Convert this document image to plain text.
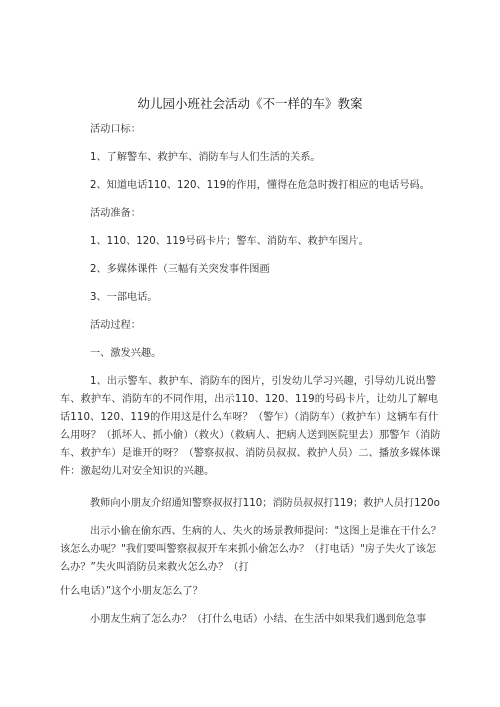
幼儿园小班社会活动《不一样的车》教案

活动口标：

1、了解警车、救护车、消防车与人们生活的关系。

2、知道电话110、120、119的作用，懂得在危急时拨打相应的电话号码。

活动准备：

1、110、120、119号码卡片；警车、消防车、救护车图片。

2、多媒体课件（三幅有关突发事件图画

3、一部电话。

活动过程：

一、激发兴趣。

1、出示警车、救护车、消防车的图片，引发幼儿学习兴趣，引导幼儿说出警车、救护车、消防车的不同作用，出示110、120、119的号码卡片，让幼儿了解电话110、120、119的作用这是什么车呀？（警乍）（消防车）（救护车）这辆车有什么用呀？（抓坏人、抓小偷）（救火）（救病人、把病人送到医院里去）那警乍（消防车、救护车）是谁开的呀？（警察叔叔、消防员叔叔、救护人员）二、播放多媒体课件：激起幼儿对安全知识的兴趣。

教师向小朋友介绍通知警察叔叔打110；消防员叔叔打119；救护人员打120o

出示小偷在偷东西、生病的人、失火的场景教师提问："这图上是谁在干什么？该怎么办呢？"我们要叫警察叔叔开车来抓小偷怎么办？（打电话）"房子失火了该怎么办？”失火叫消防员来救火怎么办？（打

什么电话）”这个小朋友怎么了？

小朋友生病了怎么办？（打什么电话）小结、在生活中如果我们遇到危急事
